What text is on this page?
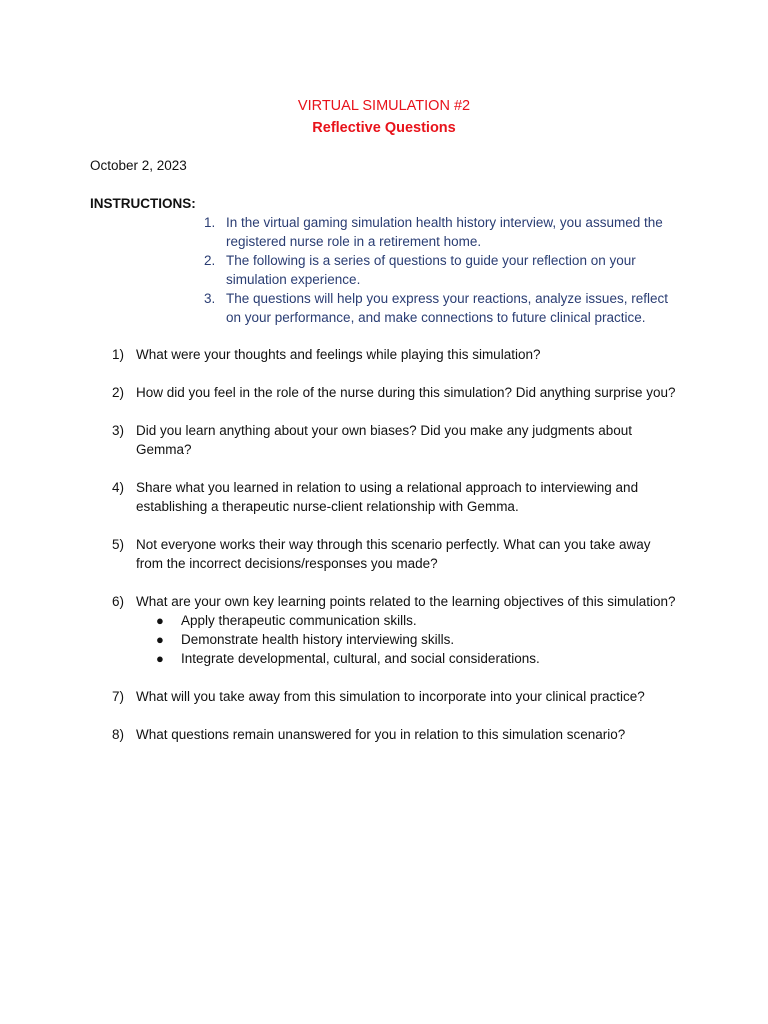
VIRTUAL SIMULATION #2
Reflective Questions
October 2, 2023
INSTRUCTIONS:
1. In the virtual gaming simulation health history interview, you assumed the registered nurse role in a retirement home.
2. The following is a series of questions to guide your reflection on your simulation experience.
3. The questions will help you express your reactions, analyze issues, reflect on your performance, and make connections to future clinical practice.
1) What were your thoughts and feelings while playing this simulation?
2) How did you feel in the role of the nurse during this simulation? Did anything surprise you?
3) Did you learn anything about your own biases? Did you make any judgments about Gemma?
4) Share what you learned in relation to using a relational approach to interviewing and establishing a therapeutic nurse-client relationship with Gemma.
5) Not everyone works their way through this scenario perfectly. What can you take away from the incorrect decisions/responses you made?
6) What are your own key learning points related to the learning objectives of this simulation?
● Apply therapeutic communication skills.
● Demonstrate health history interviewing skills.
● Integrate developmental, cultural, and social considerations.
7) What will you take away from this simulation to incorporate into your clinical practice?
8) What questions remain unanswered for you in relation to this simulation scenario?
